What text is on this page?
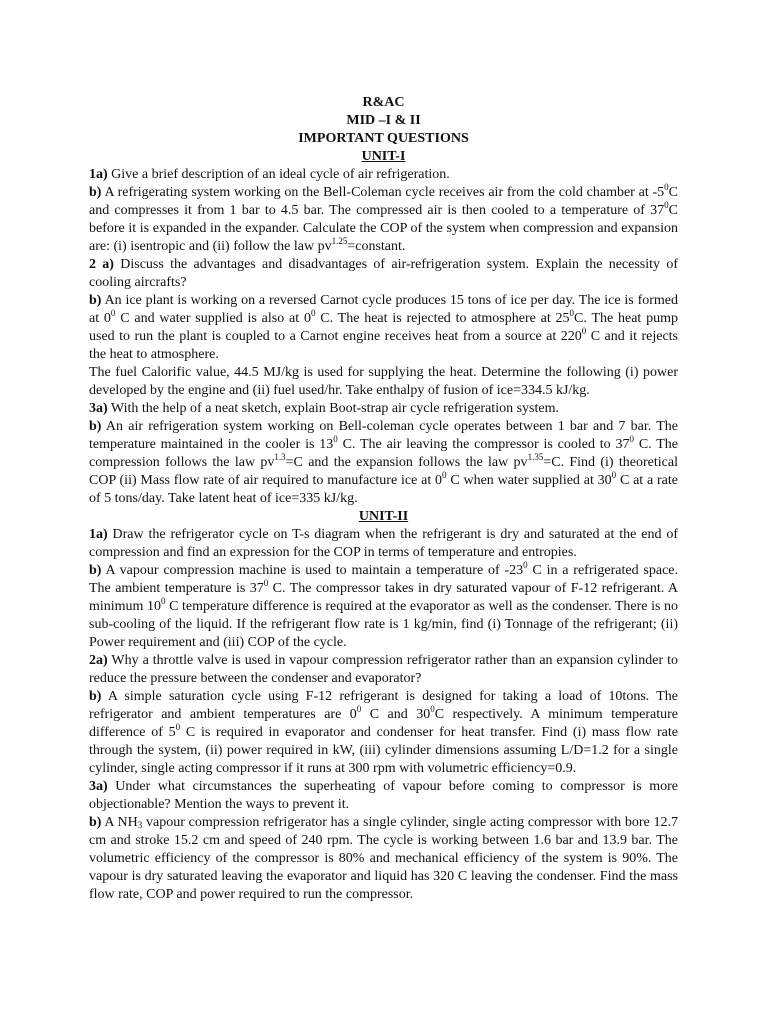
R&AC
MID –I & II
IMPORTANT QUESTIONS
UNIT-I

1a) Give a brief description of an ideal cycle of air refrigeration.

b) A refrigerating system working on the Bell-Coleman cycle receives air from the cold chamber at $-5^0C$ and compresses it from 1 bar to 4.5 bar. The compressed air is then cooled to a temperature of $37^0C$ before it is expanded in the expander. Calculate the COP of the system when compression and expansion are: (i) isentropic and (ii) follow the law $pv^{1.25}=constant$.

2 a) Discuss the advantages and disadvantages of air-refrigeration system. Explain the necessity of cooling aircrafts?

b) An ice plant is working on a reversed Carnot cycle produces 15 tons of ice per day. The ice is formed at $0^0$ C and water supplied is also at $0^0$ C. The heat is rejected to atmosphere at $25^0C$. The heat pump used to run the plant is coupled to a Carnot engine receives heat from a source at $220^0$ C and it rejects the heat to atmosphere.

The fuel Calorific value, 44.5 MJ/kg is used for supplying the heat. Determine the following (i) power developed by the engine and (ii) fuel used/hr. Take enthalpy of fusion of ice=334.5 kJ/kg.

3a) With the help of a neat sketch, explain Boot-strap air cycle refrigeration system.

b) An air refrigeration system working on Bell-coleman cycle operates between 1 bar and 7 bar. The temperature maintained in the cooler is $13^0$ C. The air leaving the compressor is cooled to $37^0$ C. The compression follows the law $pv^{1.3}=C$ and the expansion follows the law $pv^{1.35}=C$. Find (i) theoretical COP (ii) Mass flow rate of air required to manufacture ice at $0^0$ C when water supplied at $30^0$ C at a rate of 5 tons/day. Take latent heat of ice=335 kJ/kg.

UNIT-II

1a) Draw the refrigerator cycle on T-s diagram when the refrigerant is dry and saturated at the end of compression and find an expression for the COP in terms of temperature and entropies.

b) A vapour compression machine is used to maintain a temperature of $-23^0$ C in a refrigerated space. The ambient temperature is $37^0$ C. The compressor takes in dry saturated vapour of F-12 refrigerant. A minimum $10^0$ C temperature difference is required at the evaporator as well as the condenser. There is no sub-cooling of the liquid. If the refrigerant flow rate is 1 kg/min, find (i) Tonnage of the refrigerant; (ii) Power requirement and (iii) COP of the cycle.

2a) Why a throttle valve is used in vapour compression refrigerator rather than an expansion cylinder to reduce the pressure between the condenser and evaporator?

b) A simple saturation cycle using F-12 refrigerant is designed for taking a load of 10tons. The refrigerator and ambient temperatures are $0^0$ C and $30^0C$ respectively. A minimum temperature difference of $5^0$ C is required in evaporator and condenser for heat transfer. Find (i) mass flow rate through the system, (ii) power required in kW, (iii) cylinder dimensions assuming L/D=1.2 for a single cylinder, single acting compressor if it runs at 300 rpm with volumetric efficiency=0.9.

3a) Under what circumstances the superheating of vapour before coming to compressor is more objectionable? Mention the ways to prevent it.

b) A $NH_3$ vapour compression refrigerator has a single cylinder, single acting compressor with bore 12.7 cm and stroke 15.2 cm and speed of 240 rpm. The cycle is working between 1.6 bar and 13.9 bar. The volumetric efficiency of the compressor is 80% and mechanical efficiency of the system is 90%. The vapour is dry saturated leaving the evaporator and liquid has 320 C leaving the condenser. Find the mass flow rate, COP and power required to run the compressor.
